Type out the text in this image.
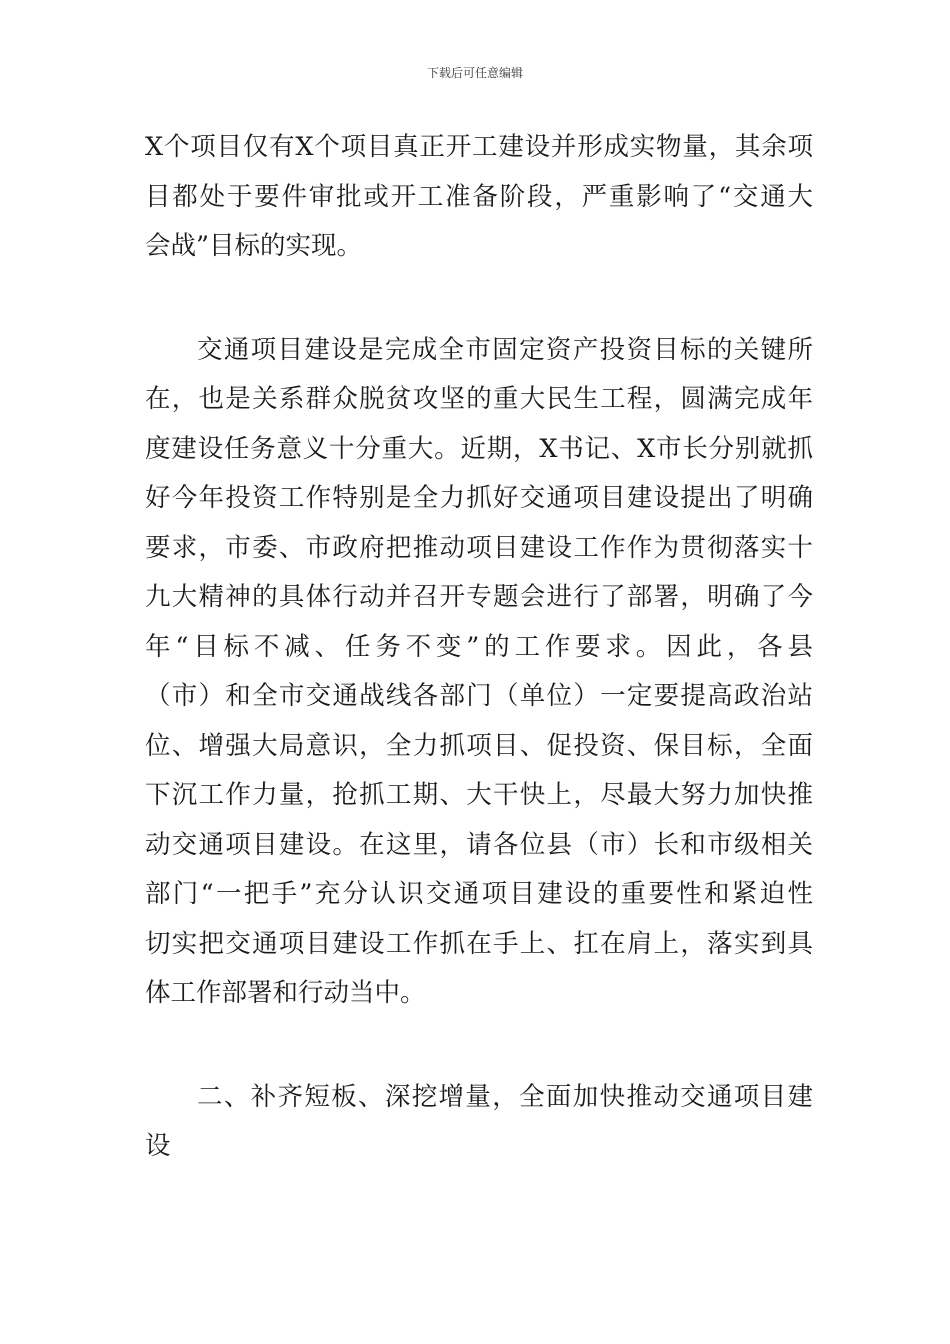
下载后可任意编辑
X个项目仅有X个项目真正开工建设并形成实物量，其余项
目都处于要件审批或开工准备阶段，严重影响了“交通大
会战”目标的实现。
交通项目建设是完成全市固定资产投资目标的关键所
在，也是关系群众脱贫攻坚的重大民生工程，圆满完成年
度建设任务意义十分重大。近期，X书记、X市长分别就抓
好今年投资工作特别是全力抓好交通项目建设提出了明确
要求，市委、市政府把推动项目建设工作作为贯彻落实十
九大精神的具体行动并召开专题会进行了部署，明确了今
年“目标不减、任务不变”的工作要求。因此，各县
（市）和全市交通战线各部门（单位）一定要提高政治站
位、增强大局意识，全力抓项目、促投资、保目标，全面
下沉工作力量，抢抓工期、大干快上，尽最大努力加快推
动交通项目建设。在这里，请各位县（市）长和市级相关
部门“一把手”充分认识交通项目建设的重要性和紧迫性
切实把交通项目建设工作抓在手上、扛在肩上，落实到具
体工作部署和行动当中。
二、补齐短板、深挖增量，全面加快推动交通项目建
设
